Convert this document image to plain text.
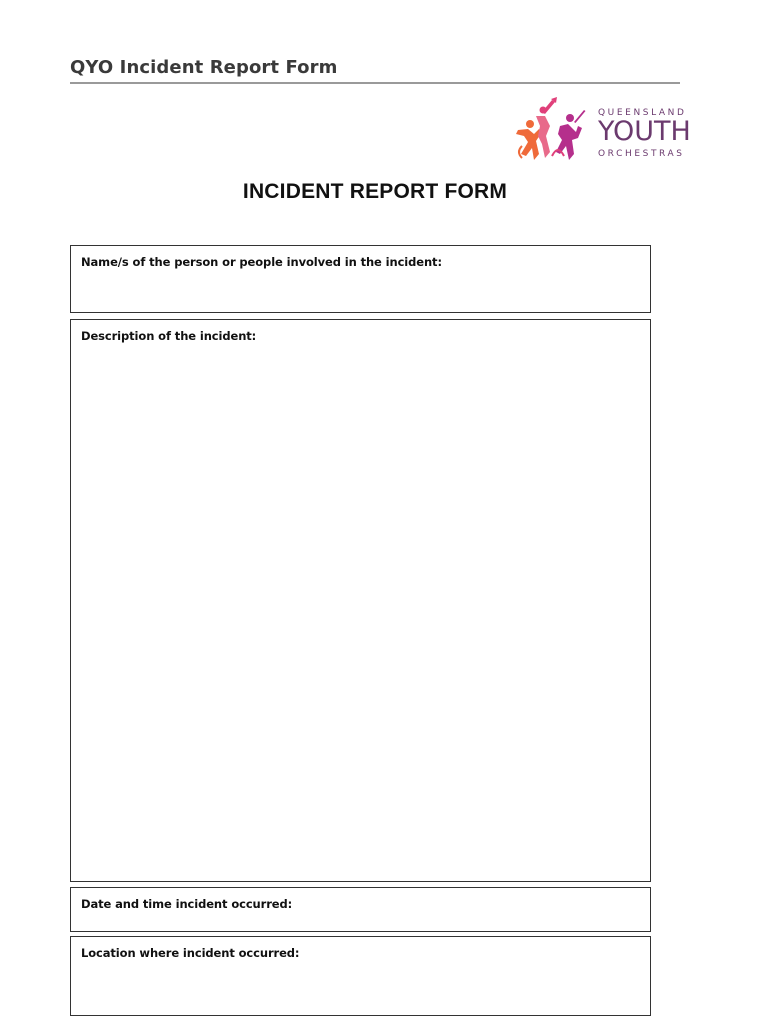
QYO Incident Report Form
QUEENSLAND
YOUTH
ORCHESTRAS
INCIDENT REPORT FORM
Name/s of the person or people involved in the incident:
Description of the incident:
Date and time incident occurred:
Location where incident occurred:
